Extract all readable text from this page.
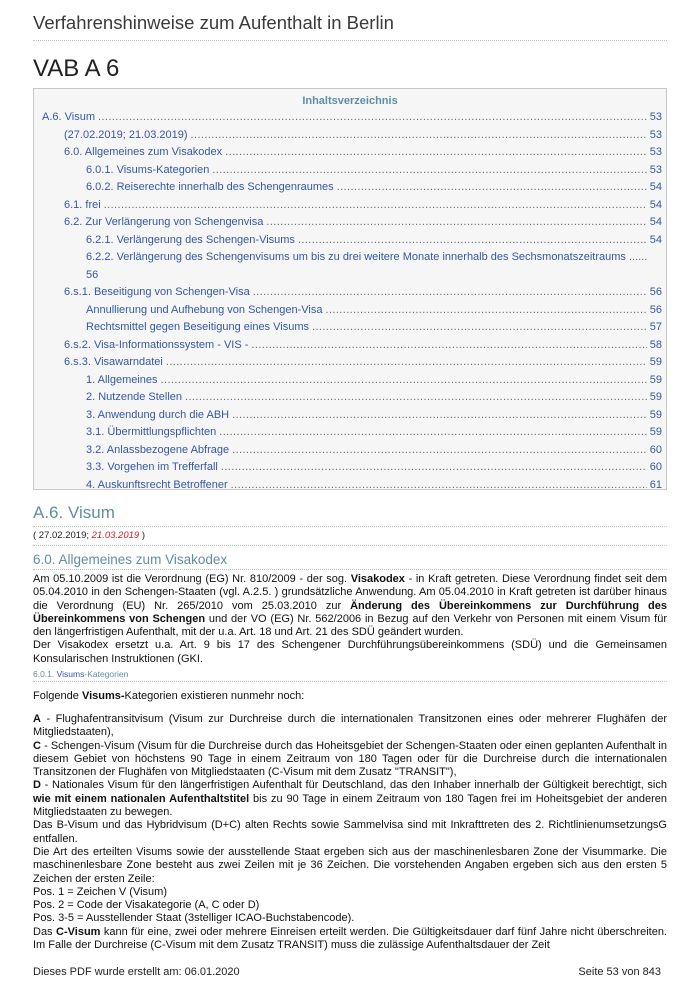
Verfahrenshinweise zum Aufenthalt in Berlin
VAB A 6
Inhaltsverzeichnis
A.6. Visum .....	53
(27.02.2019; 21.03.2019) .....	53
6.0. Allgemeines zum Visakodex .....	53
6.0.1. Visums-Kategorien .....	53
6.0.2. Reiserechte innerhalb des Schengenraumes .....	54
6.1. frei .....	54
6.2. Zur Verlängerung von Schengenvisa .....	54
6.2.1. Verlängerung des Schengen-Visums .....	54
6.2.2. Verlängerung des Schengenvisums um bis zu drei weitere Monate innerhalb des Sechsmonatszeitraums ......
56
6.s.1. Beseitigung von Schengen-Visa .....	56
Annullierung und Aufhebung von Schengen-Visa .....	56
Rechtsmittel gegen Beseitigung eines Visums .....	57
6.s.2. Visa-Informationssystem - VIS - .....	58
6.s.3. Visawarndatei .....	59
1. Allgemeines .....	59
2. Nutzende Stellen .....	59
3. Anwendung durch die ABH .....	59
3.1. Übermittlungspflichten .....	59
3.2. Anlassbezogene Abfrage .....	60
3.3. Vorgehen im Trefferfall .....	60
4. Auskunftsrecht Betroffener .....	61
A.6. Visum
( 27.02.2019; 21.03.2019 )
6.0. Allgemeines zum Visakodex
Am 05.10.2009 ist die Verordnung (EG) Nr. 810/2009 - der sog. Visakodex - in Kraft getreten. Diese Verordnung findet seit dem 05.04.2010 in den Schengen-Staaten (vgl. A.2.5. ) grundsätzliche Anwendung. Am 05.04.2010 in Kraft getreten ist darüber hinaus die Verordnung (EU) Nr. 265/2010 vom 25.03.2010 zur Änderung des Übereinkommens zur Durchführung des Übereinkommens von Schengen und der VO (EG) Nr. 562/2006 in Bezug auf den Verkehr von Personen mit einem Visum für den längerfristigen Aufenthalt, mit der u.a. Art. 18 und Art. 21 des SDÜ geändert wurden.
Der Visakodex ersetzt u.a. Art. 9 bis 17 des Schengener Durchführungsübereinkommens (SDÜ) und die Gemeinsamen Konsularischen Instruktionen (GKI.
6.0.1. Visums-Kategorien
Folgende Visums-Kategorien existieren nunmehr noch:
A - Flughafentransitvisum (Visum zur Durchreise durch die internationalen Transitzonen eines oder mehrerer Flughäfen der Mitgliedstaaten),
C - Schengen-Visum (Visum für die Durchreise durch das Hoheitsgebiet der Schengen-Staaten oder einen geplanten Aufenthalt in diesem Gebiet von höchstens 90 Tage in einem Zeitraum von 180 Tagen oder für die Durchreise durch die internationalen Transitzonen der Flughäfen von Mitgliedstaaten (C-Visum mit dem Zusatz "TRANSIT"),
D - Nationales Visum für den längerfristigen Aufenthalt für Deutschland, das den Inhaber innerhalb der Gültigkeit berechtigt, sich wie mit einem nationalen Aufenthaltstitel bis zu 90 Tage in einem Zeitraum von 180 Tagen frei im Hoheitsgebiet der anderen Mitgliedstaaten zu bewegen.
Das B-Visum und das Hybridvisum (D+C) alten Rechts sowie Sammelvisa sind mit Inkrafttreten des 2. RichtlinienumsetzungsG entfallen.
Die Art des erteilten Visums sowie der ausstellende Staat ergeben sich aus der maschinenlesbaren Zone der Visummarke. Die maschinenlesbare Zone besteht aus zwei Zeilen mit je 36 Zeichen. Die vorstehenden Angaben ergeben sich aus den ersten 5 Zeichen der ersten Zeile:
Pos. 1 = Zeichen V (Visum)
Pos. 2 = Code der Visakategorie (A, C oder D)
Pos. 3-5 = Ausstellender Staat (3stelliger ICAO-Buchstabencode).
Das C-Visum kann für eine, zwei oder mehrere Einreisen erteilt werden. Die Gültigkeitsdauer darf fünf Jahre nicht überschreiten. Im Falle der Durchreise (C-Visum mit dem Zusatz TRANSIT) muss die zulässige Aufenthaltsdauer der Zeit
Dieses PDF wurde erstellt am: 06.01.2020	Seite 53 von 843
